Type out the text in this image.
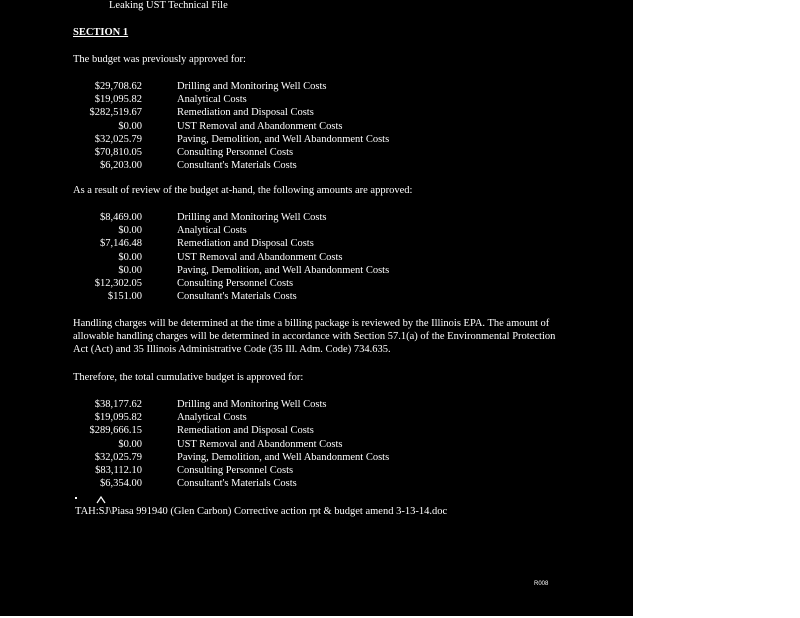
Leaking UST Technical File
SECTION 1
The budget was previously approved for:
$29,708.62	Drilling and Monitoring Well Costs
$19,095.82	Analytical Costs
$282,519.67	Remediation and Disposal Costs
$0.00	UST Removal and Abandonment Costs
$32,025.79	Paving, Demolition, and Well Abandonment Costs
$70,810.05	Consulting Personnel Costs
$6,203.00	Consultant's Materials Costs
As a result of review of the budget at-hand, the following amounts are approved:
$8,469.00	Drilling and Monitoring Well Costs
$0.00	Analytical Costs
$7,146.48	Remediation and Disposal Costs
$0.00	UST Removal and Abandonment Costs
$0.00	Paving, Demolition, and Well Abandonment Costs
$12,302.05	Consulting Personnel Costs
$151.00	Consultant's Materials Costs
Handling charges will be determined at the time a billing package is reviewed by the Illinois EPA. The amount of allowable handling charges will be determined in accordance with Section 57.1(a) of the Environmental Protection Act (Act) and 35 Illinois Administrative Code (35 Ill. Adm. Code) 734.635.
Therefore, the total cumulative budget is approved for:
$38,177.62	Drilling and Monitoring Well Costs
$19,095.82	Analytical Costs
$289,666.15	Remediation and Disposal Costs
$0.00	UST Removal and Abandonment Costs
$32,025.79	Paving, Demolition, and Well Abandonment Costs
$83,112.10	Consulting Personnel Costs
$6,354.00	Consultant's Materials Costs
TAH:SJ\Piasa 991940 (Glen Carbon) Corrective action rpt & budget amend 3-13-14.doc
R008
